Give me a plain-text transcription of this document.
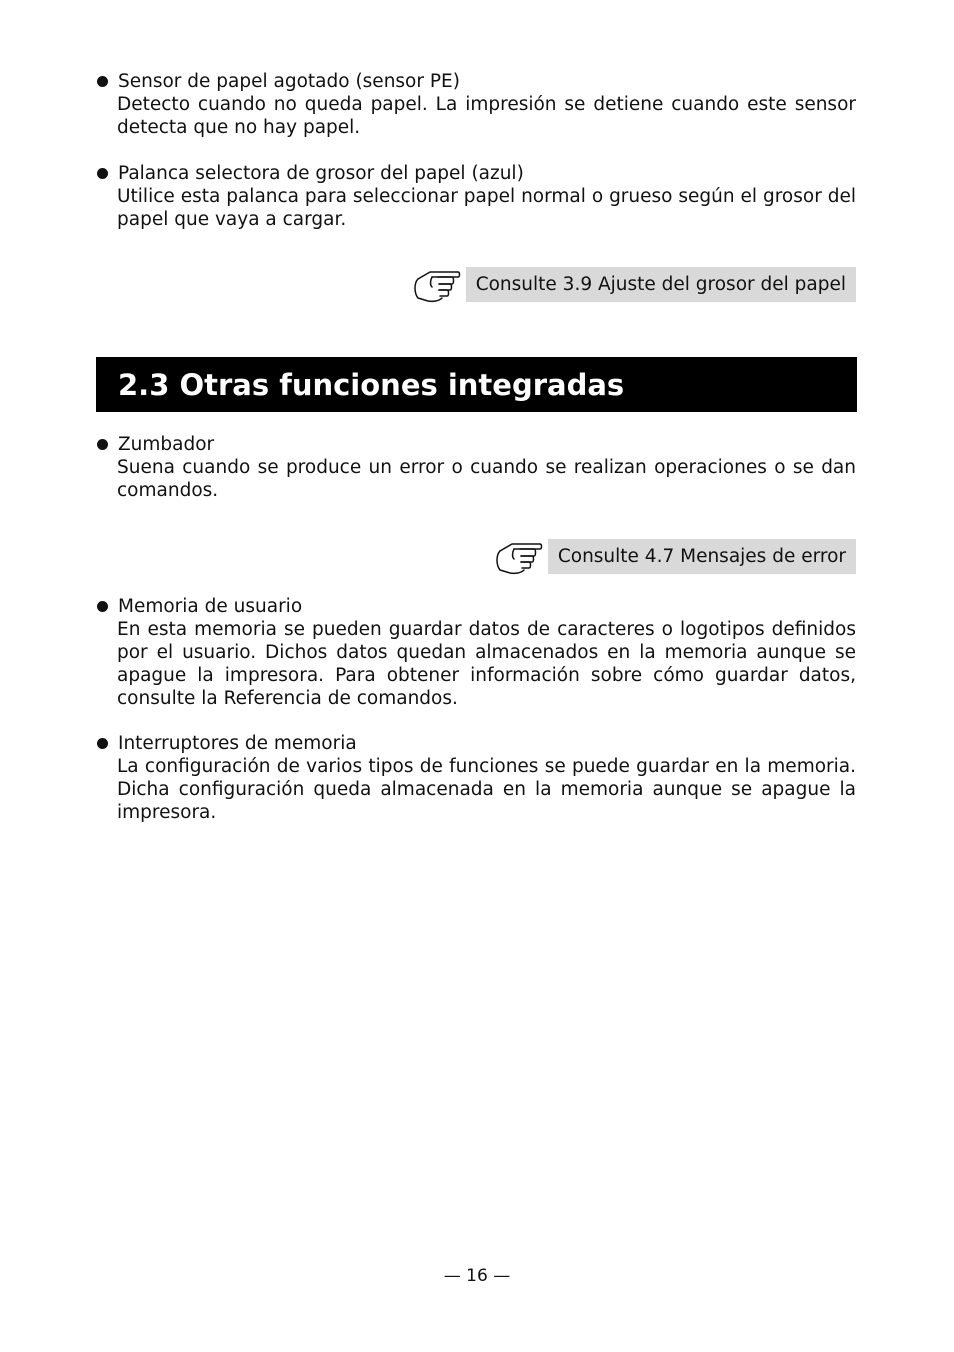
Sensor de papel agotado (sensor PE)
Detecto cuando no queda papel. La impresión se detiene cuando este sensor detecta que no hay papel.
Palanca selectora de grosor del papel (azul)
Utilice esta palanca para seleccionar papel normal o grueso según el grosor del papel que vaya a cargar.
Consulte 3.9 Ajuste del grosor del papel
2.3 Otras funciones integradas
Zumbador
Suena cuando se produce un error o cuando se realizan operaciones o se dan comandos.
Consulte 4.7 Mensajes de error
Memoria de usuario
En esta memoria se pueden guardar datos de caracteres o logotipos definidos por el usuario. Dichos datos quedan almacenados en la memoria aunque se apague la impresora. Para obtener información sobre cómo guardar datos, consulte la Referencia de comandos.
Interruptores de memoria
La configuración de varios tipos de funciones se puede guardar en la memoria. Dicha configuración queda almacenada en la memoria aunque se apague la impresora.
— 16 —
